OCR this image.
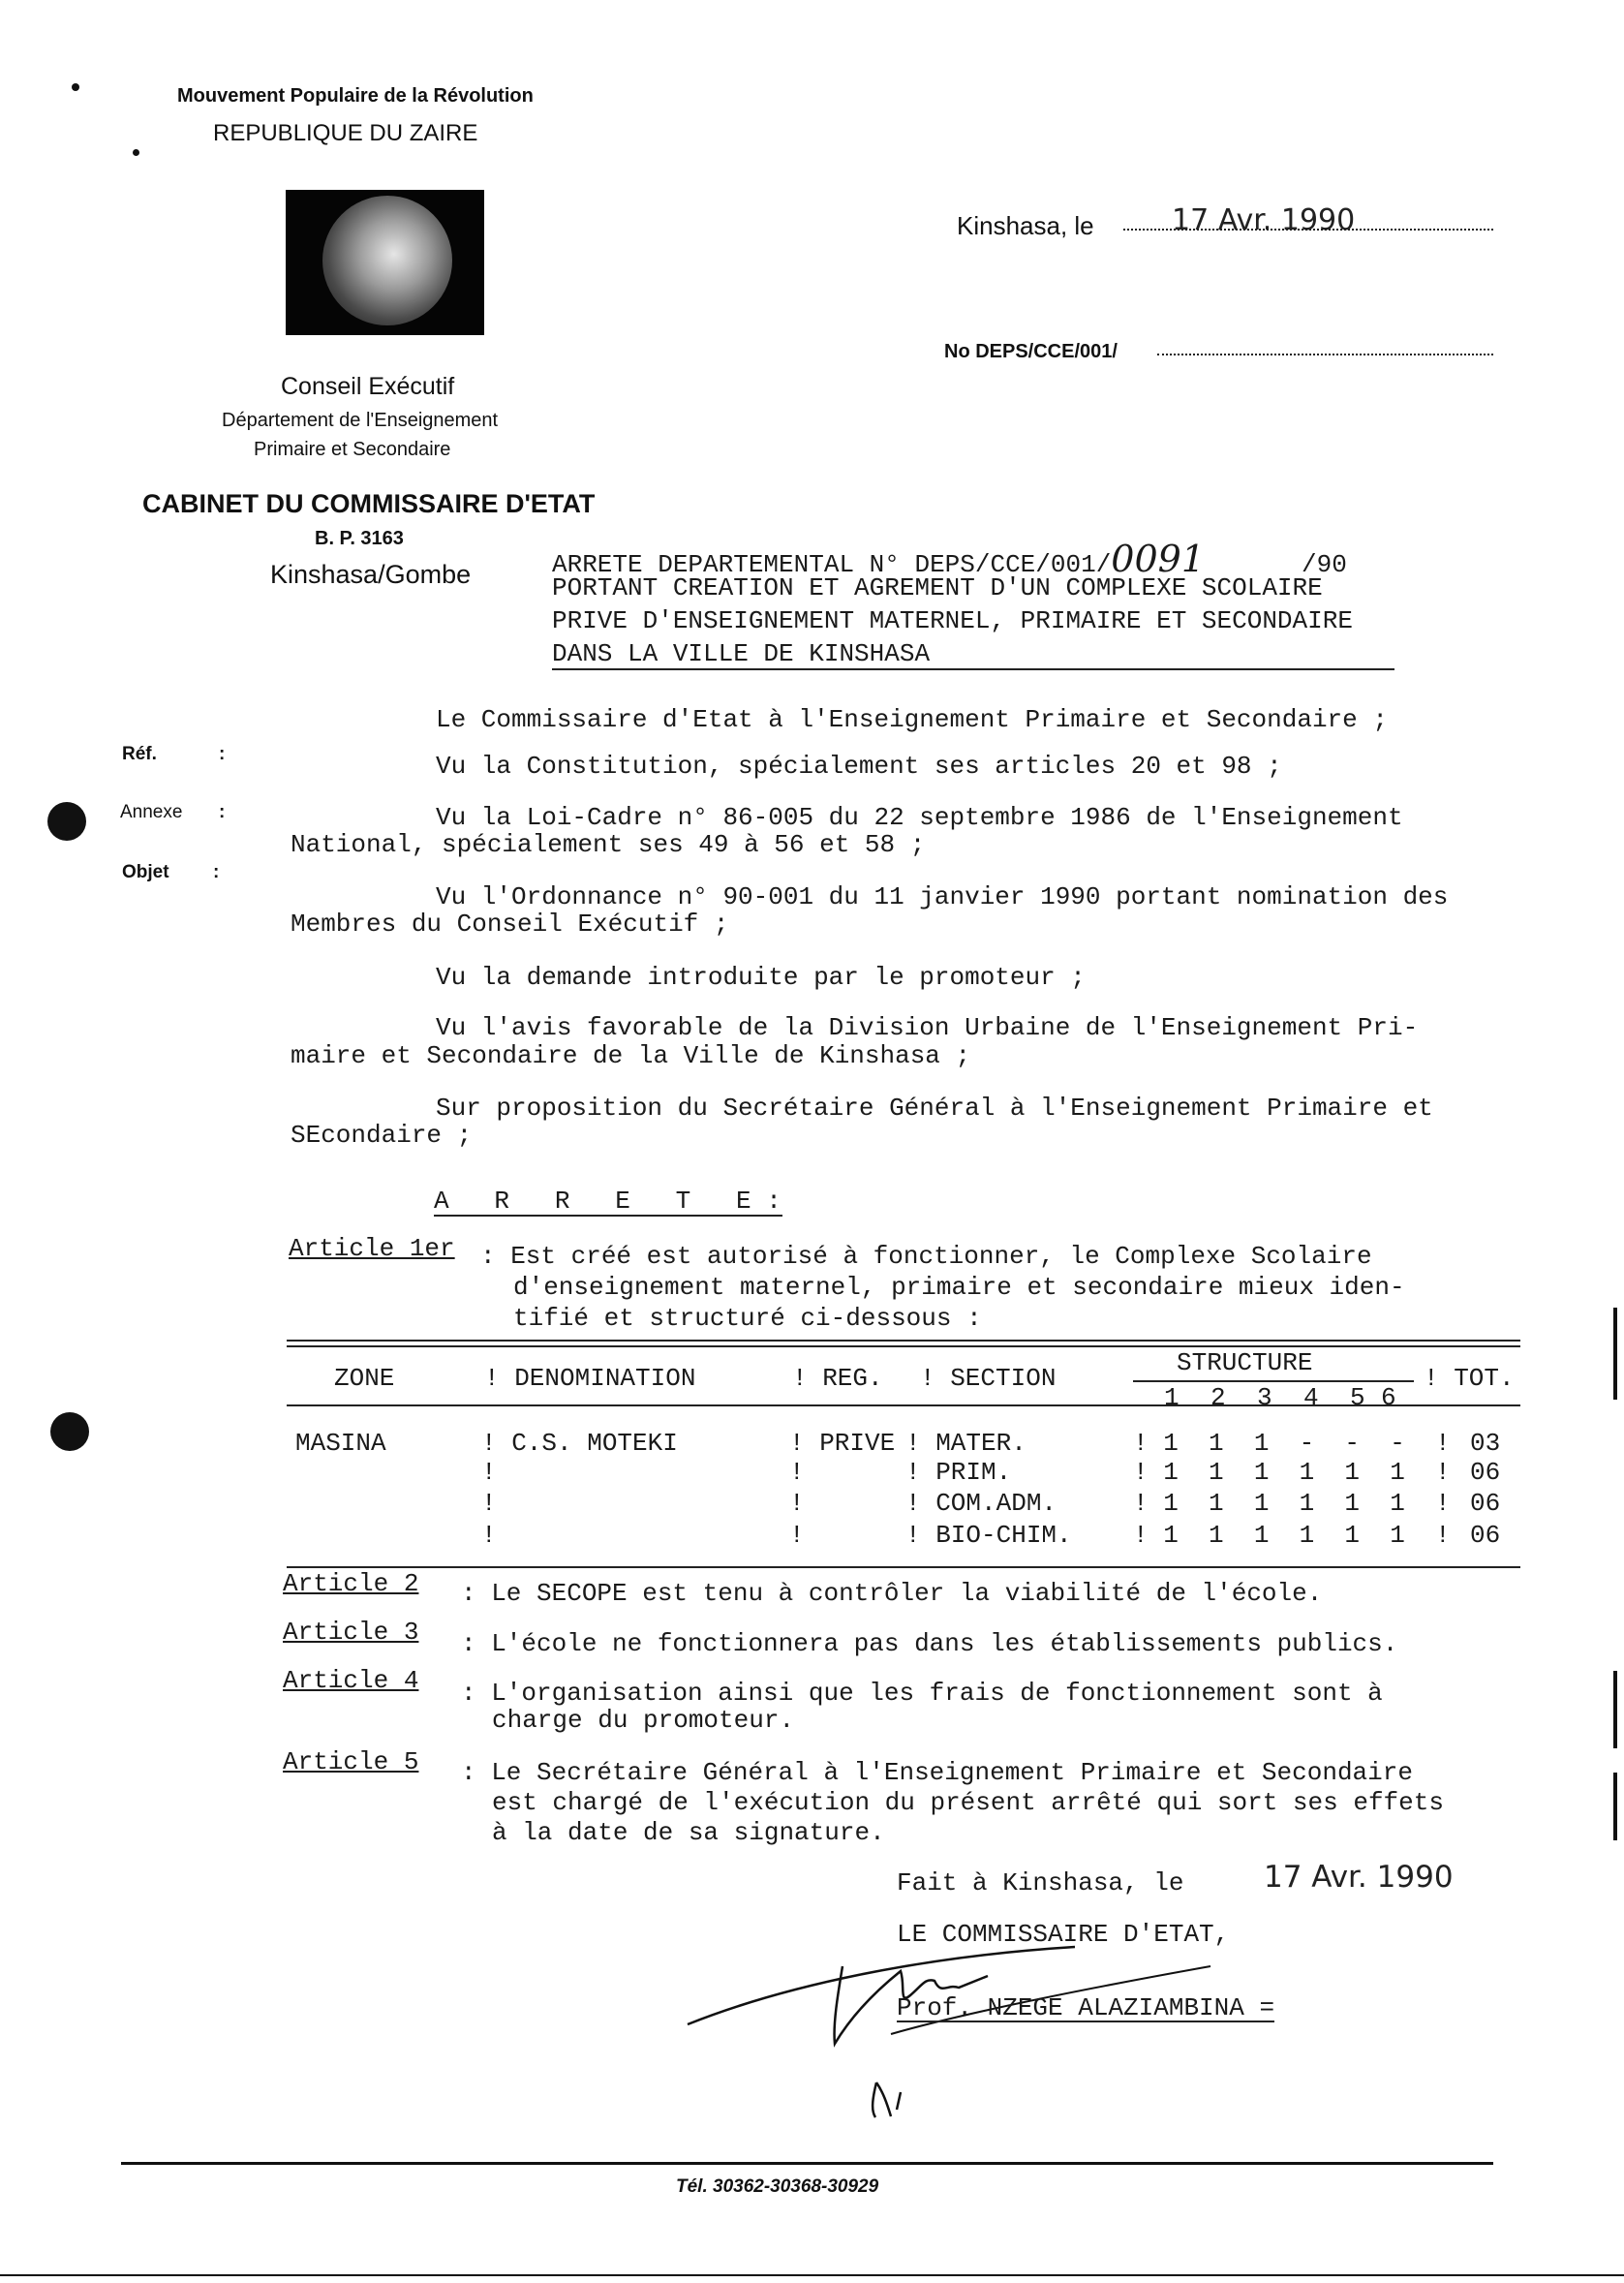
Mouvement Populaire de la Révolution
REPUBLIQUE DU ZAIRE
Conseil Exécutif
Département de l'Enseignement
Primaire et Secondaire
CABINET DU COMMISSAIRE D'ETAT
B. P. 3163
Kinshasa/Gombe
Kinshasa, le	17 Avr. 1990
No DEPS/CCE/001/
Réf.	:
Annexe :
Objet :
ARRETE DEPARTEMENTAL N° DEPS/CCE/001/0091	/90
PORTANT CREATION ET AGREMENT D'UN COMPLEXE SCOLAIRE
PRIVE D'ENSEIGNEMENT MATERNEL, PRIMAIRE ET SECONDAIRE
DANS LA VILLE DE KINSHASA
Le Commissaire d'Etat à l'Enseignement Primaire et Secondaire ;
Vu la Constitution, spécialement ses articles 20 et 98 ;
Vu la Loi-Cadre n° 86-005 du 22 septembre 1986 de l'Enseignement
National, spécialement ses 49 à 56 et 58 ;
Vu l'Ordonnance n° 90-001 du 11 janvier 1990 portant nomination des
Membres du Conseil Exécutif ;
Vu la demande introduite par le promoteur ;
Vu l'avis favorable de la Division Urbaine de l'Enseignement Pri-
maire et Secondaire de la Ville de Kinshasa ;
Sur proposition du Secrétaire Général à l'Enseignement Primaire et
SEcondaire ;
A   R   R   E   T   E :
Article 1er : Est créé est autorisé à fonctionner, le Complexe Scolaire
d'enseignement maternel, primaire et secondaire mieux iden-
tifié et structuré ci-dessous :
ZONE	! DENOMINATION	! REG. ! SECTION
STRUCTURE
! TOT.
1 2 3 4 5 6
MASINA	! C.S. MOTEKI	! PRIVE ! MATER.	! 1  1  1  -  -  -  ! 03
!	!	! PRIM.	! 1  1  1  1  1  1  ! 06
!	!	! COM.ADM.	! 1  1  1  1  1  1  ! 06
!	!	! BIO-CHIM. ! 1  1  1  1  1  1  ! 06
Article 2 : Le SECOPE est tenu à contrôler la viabilité de l'école.
Article 3 : L'école ne fonctionnera pas dans les établissements publics.
Article 4 : L'organisation ainsi que les frais de fonctionnement sont à
charge du promoteur.
Article 5 : Le Secrétaire Général à l'Enseignement Primaire et Secondaire
est chargé de l'exécution du présent arrêté qui sort ses effets
à la date de sa signature.
Fait à Kinshasa, le	17 Avr. 1990
LE COMMISSAIRE D'ETAT,
Prof. NZEGE ALAZIAMBINA =
Tél. 30362-30368-30929
